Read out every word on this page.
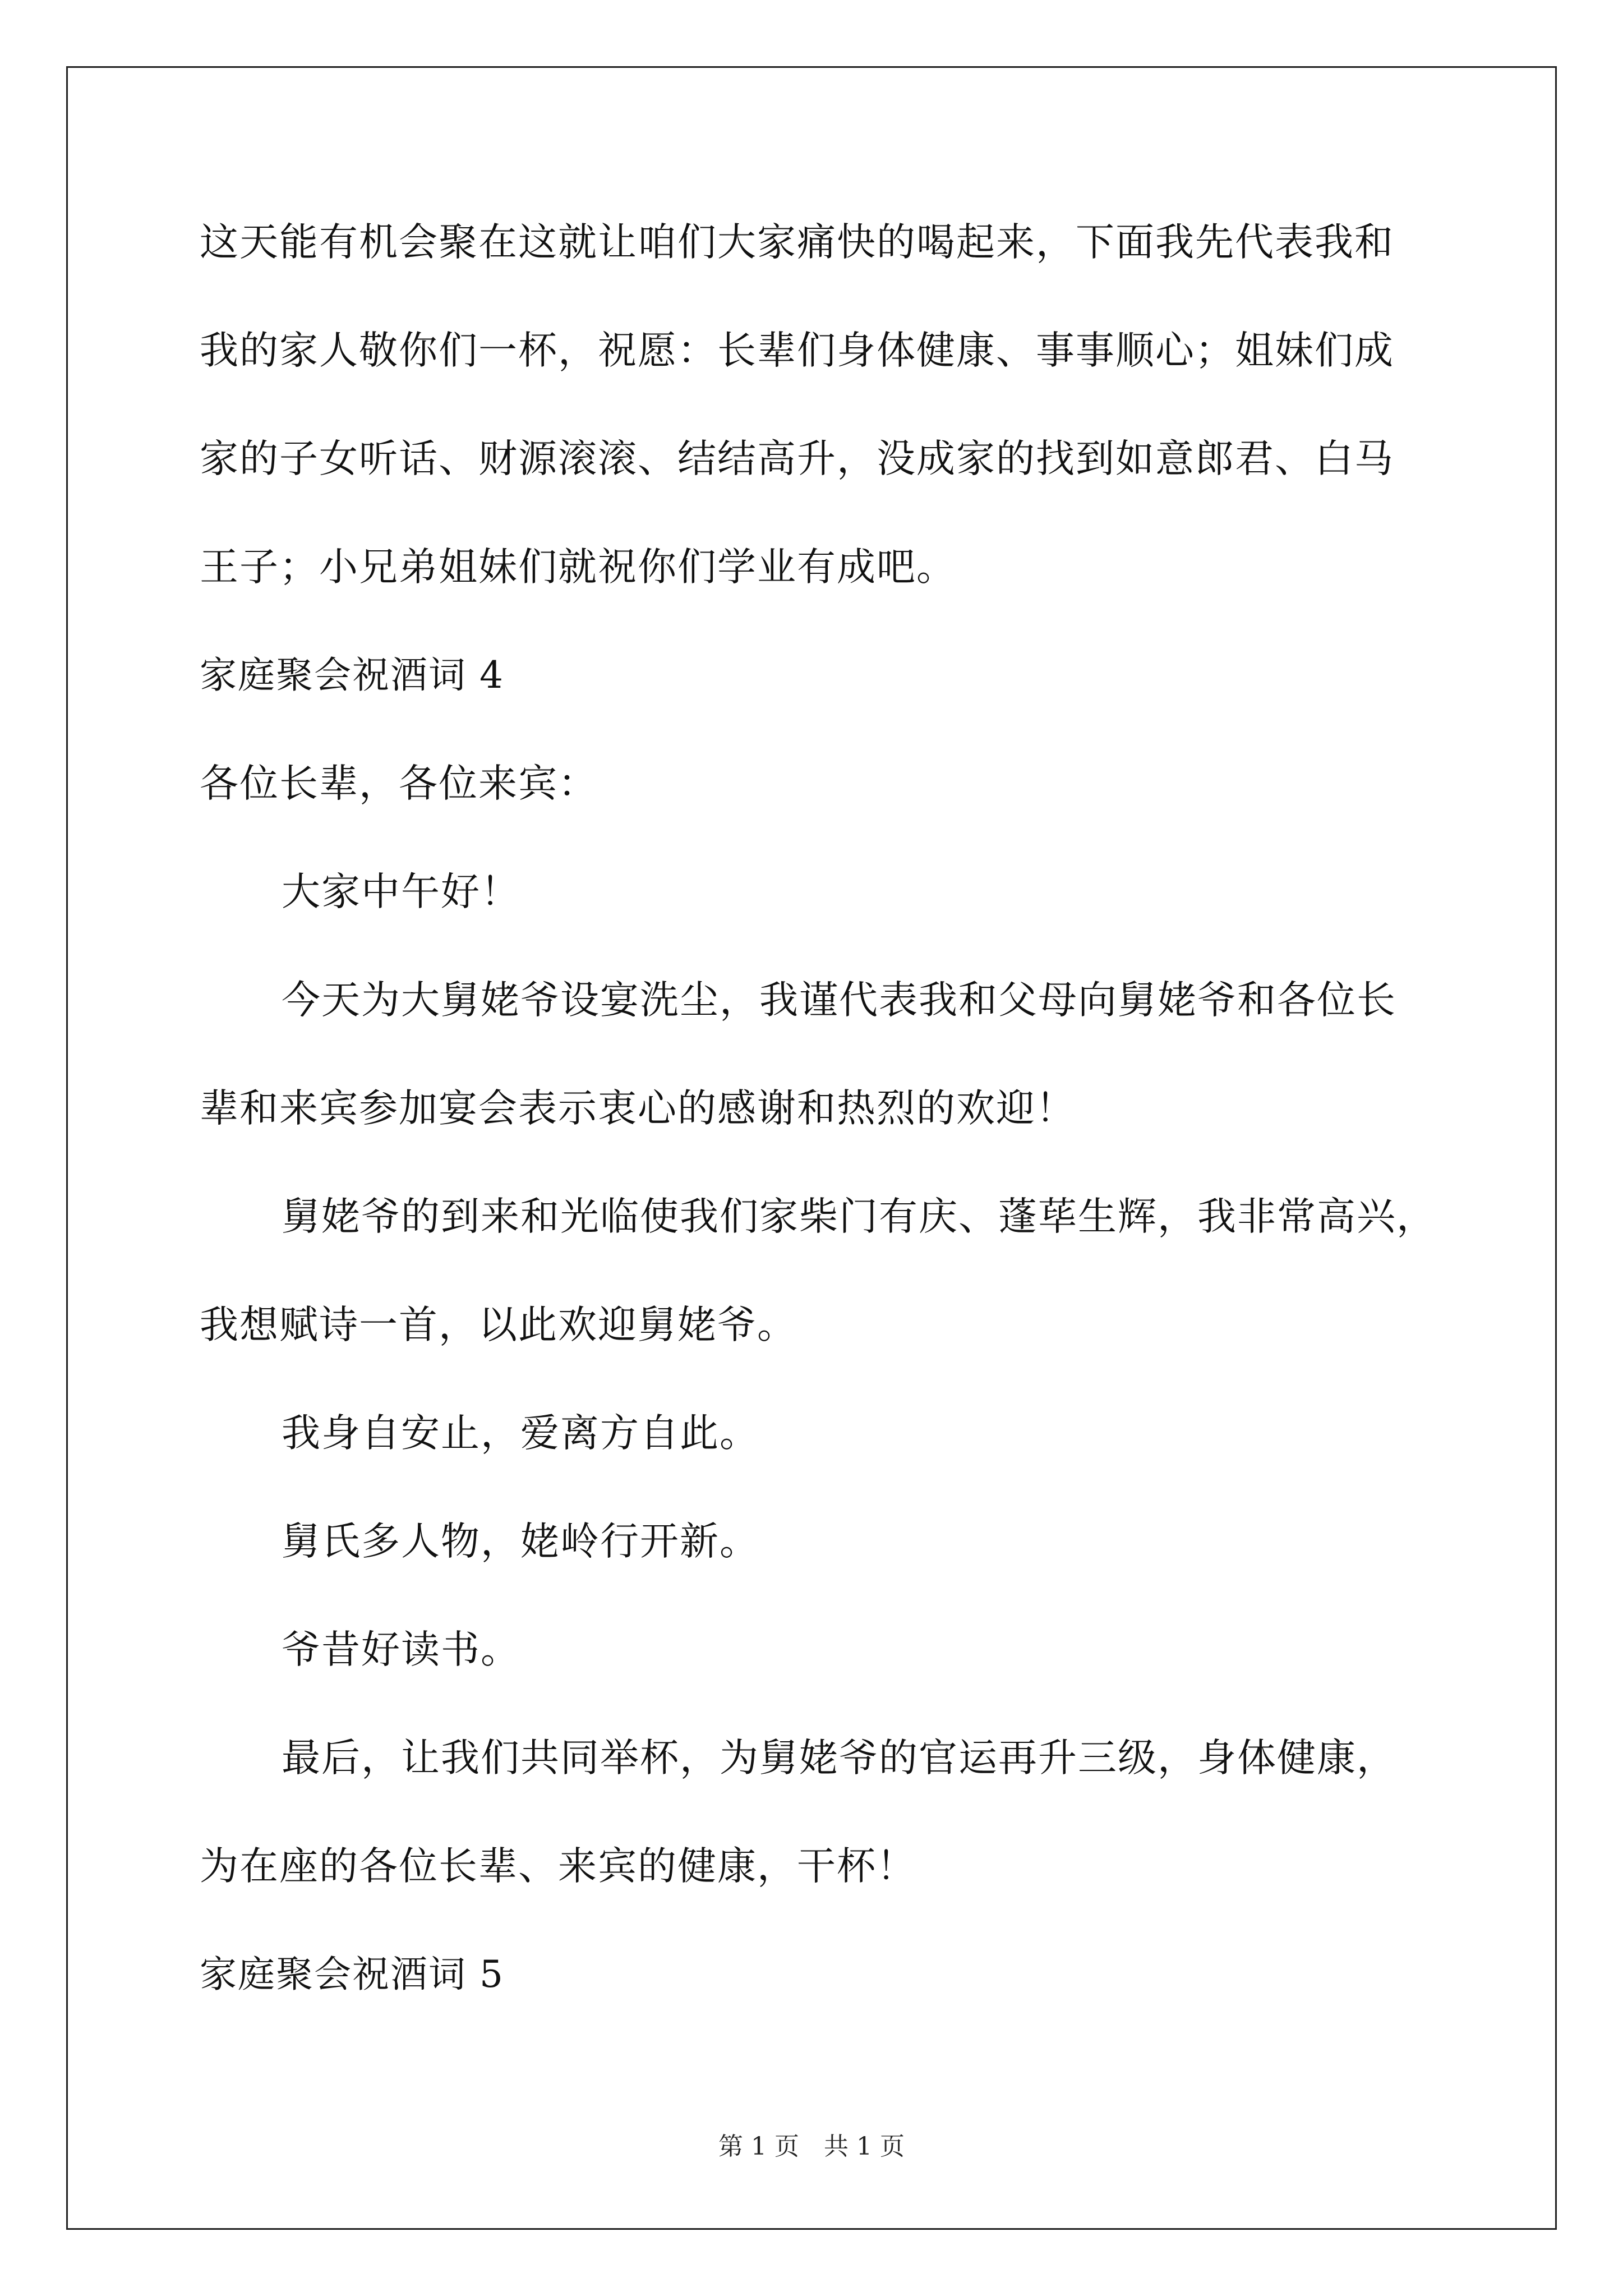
这天能有机会聚在这就让咱们大家痛快的喝起来，下面我先代表我和
我的家人敬你们一杯，祝愿：长辈们身体健康、事事顺心；姐妹们成
家的子女听话、财源滚滚、结结高升，没成家的找到如意郎君、白马
王子；小兄弟姐妹们就祝你们学业有成吧。
家庭聚会祝酒词 4
各位长辈，各位来宾：
大家中午好！
今天为大舅姥爷设宴洗尘，我谨代表我和父母向舅姥爷和各位长
辈和来宾参加宴会表示衷心的感谢和热烈的欢迎！
舅姥爷的到来和光临使我们家柴门有庆、蓬荜生辉，我非常高兴，
我想赋诗一首，以此欢迎舅姥爷。
我身自安止，爱离方自此。
舅氏多人物，姥岭行开新。
爷昔好读书。
最后，让我们共同举杯，为舅姥爷的官运再升三级，身体健康，
为在座的各位长辈、来宾的健康，干杯！
家庭聚会祝酒词 5
第 1 页　共 1 页
